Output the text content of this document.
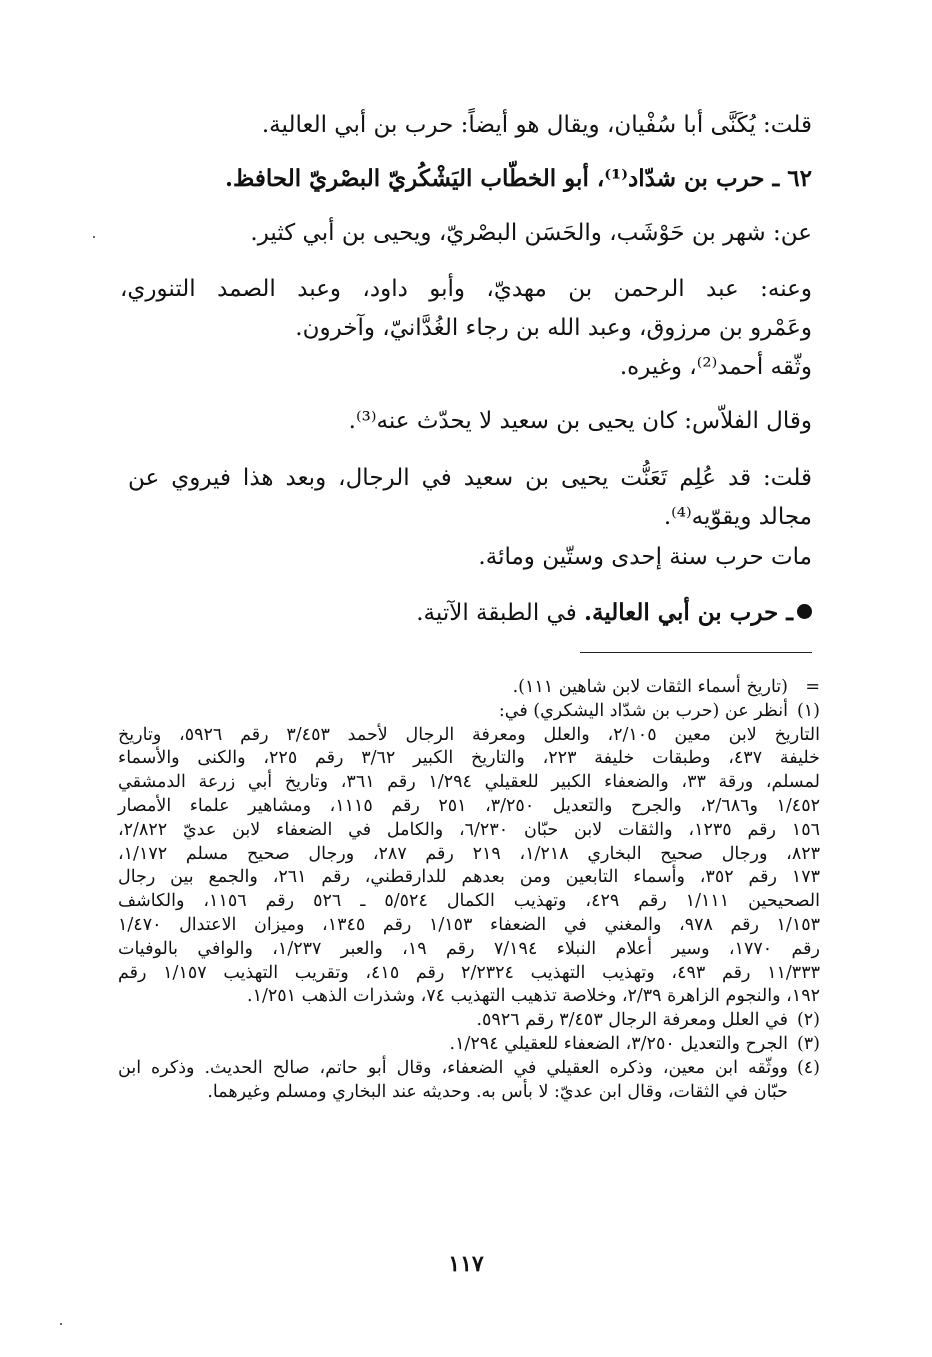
قلت: يُكَنَّى أبا سُفْيان، ويقال هو أيضاً: حرب بن أبي العالية.
٦٢ ـ حرب بن شدّاد⁽¹⁾، أبو الخطّاب اليَشْكُريّ البصْريّ الحافظ.
عن: شهر بن حَوْشَب، والحَسَن البصْريّ، ويحيى بن أبي كثير.
وعنه: عبد الرحمن بن مهديّ، وأبو داود، وعبد الصمد التنوري،
وعَمْرو بن مرزوق، وعبد الله بن رجاء الغُدَّانيّ، وآخرون.
وثّقه أحمد⁽²⁾، وغيره.
وقال الفلاّس: كان يحيى بن سعيد لا يحدّث عنه⁽³⁾.
قلت: قد عُلِم تَعَنُّت يحيى بن سعيد في الرجال، وبعد هذا فيروي عن
مجالد ويقوّيه⁽⁴⁾.
مات حرب سنة إحدى وستّين ومائة.
ـ حرب بن أبي العالية. في الطبقة الآتية.
=
(تاريخ أسماء الثقات لابن شاهين ١١١).
(١)
أنظر عن (حرب بن شدّاد اليشكري) في:
التاريخ لابن معين ٢/١٠٥، والعلل ومعرفة الرجال لأحمد ٣/٤٥٣ رقم ٥٩٢٦، وتاريخ
خليفة ٤٣٧، وطبقات خليفة ٢٢٣، والتاريخ الكبير ٣/٦٢ رقم ٢٢٥، والكنى والأسماء
لمسلم، ورقة ٣٣، والضعفاء الكبير للعقيلي ١/٢٩٤ رقم ٣٦١، وتاريخ أبي زرعة الدمشقي
١/٤٥٢ و٢/٦٨٦، والجرح والتعديل ٣/٢٥٠، ٢٥١ رقم ١١١٥، ومشاهير علماء الأمصار
١٥٦ رقم ١٢٣٥، والثقات لابن حبّان ٦/٢٣٠، والكامل في الضعفاء لابن عديّ ٢/٨٢٢،
٨٢٣، ورجال صحيح البخاري ١/٢١٨، ٢١٩ رقم ٢٨٧، ورجال صحيح مسلم ١/١٧٢،
١٧٣ رقم ٣٥٢، وأسماء التابعين ومن بعدهم للدارقطني، رقم ٢٦١، والجمع بين رجال
الصحيحين ١/١١١ رقم ٤٢٩، وتهذيب الكمال ٥/٥٢٤ ـ ٥٢٦ رقم ١١٥٦، والكاشف
١/١٥٣ رقم ٩٧٨، والمغني في الضعفاء ١/١٥٣ رقم ١٣٤٥، وميزان الاعتدال ١/٤٧٠
رقم ١٧٧٠، وسير أعلام النبلاء ٧/١٩٤ رقم ١٩، والعبر ١/٢٣٧، والوافي بالوفيات
١١/٣٣٣ رقم ٤٩٣، وتهذيب التهذيب ٢/٢٣٢٤ رقم ٤١٥، وتقريب التهذيب ١/١٥٧ رقم
١٩٢، والنجوم الزاهرة ٢/٣٩، وخلاصة تذهيب التهذيب ٧٤، وشذرات الذهب ١/٢٥١.
(٢)
في العلل ومعرفة الرجال ٣/٤٥٣ رقم ٥٩٢٦.
(٣)
الجرح والتعديل ٣/٢٥٠، الضعفاء للعقيلي ١/٢٩٤.
(٤)
ووثّقه ابن معين، وذكره العقيلي في الضعفاء، وقال أبو حاتم، صالح الحديث. وذكره ابن
حبّان في الثقات، وقال ابن عديّ: لا بأس به. وحديثه عند البخاري ومسلم وغيرهما.
١١٧
